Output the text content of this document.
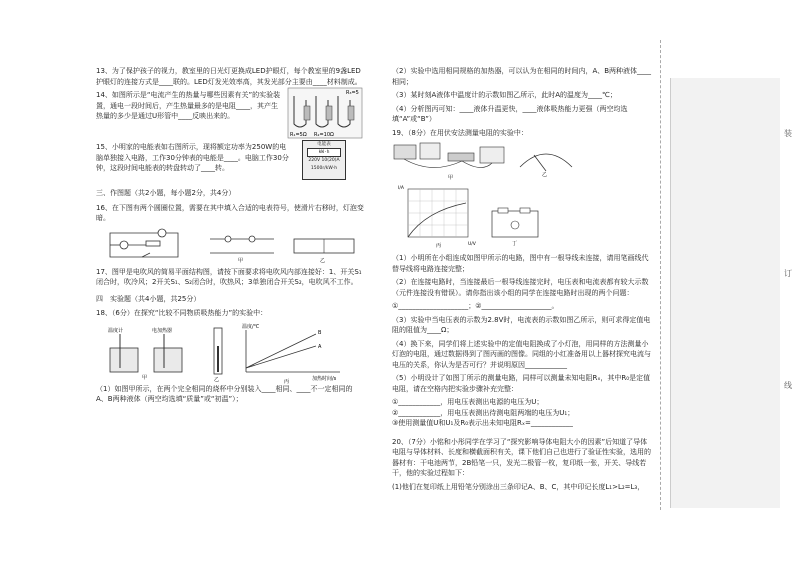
13、为了保护孩子的视力，教室里的日光灯更换成LED护眼灯，每个教室里的9盏LED护眼灯的连接方式是____联的。LED灯发光效率高，其发光部分主要由____材料制成。

14、如图所示是“电流产生的热量与哪些因素有关”的实验装置，通电一段时间后，产生热量最多的是电阻____，其产生热量的多少是通过U形管中____反映出来的。

R₁=5Ω R₂=10Ω
R₃=5

15、小明家的电能表如右图所示，现将额定功率为250W的电脑单独接入电路，工作30分钟表的电能是____。电脑工作30分钟，这段时间电能表的转盘转动了____转。

电能表
kW·h
220V 10(20)A
1500r/kW·h

三、作图题（共2小题，每小题2分，共4分）

16、在下图有两个圆圈位置，需要在其中填入合适的电表符号，使滑片右移时，灯泡变暗。

甲	乙

17、图甲是电吹风的简易平面结构图，请按下面要求将电吹风内部连接好：1、开关S₁闭合时，吹冷风；2开关S₁、S₂闭合时，吹热风；3单独闭合开关S₂，电吹风不工作。

四　实验题（共4小题，共25分）

18、（6分）在探究“比较不同物质吸热能力”的实验中：

温度计	电加热器
甲	乙
温度/℃
B
A
加热时间/s
丙

（1）如图甲所示，在两个完全相同的烧杯中分别装入____相同、____不一定相同的A、B两种液体（两空均选填“质量”或“初温”）；

（2）实验中选用相同规格的加热器，可以认为在相同的时间内，A、B两种液体____相同；

（3）某时刻A液体中温度计的示数如图乙所示，此时A的温度为____℃；

（4）分析图丙可知：____液体升温更快，____液体吸热能力更强（两空均选填“A”或“B”）

19、（8分）在用伏安法测量电阻的实验中：

甲	乙
I/A
U/V
丙	丁

（1）小明所在小组连成如图甲所示的电路，图中有一根导线未连接，请用笔画线代替导线将电路连接完整；

（2）在连接电路时，当连接最后一根导线连接完时，电压表和电流表都有较大示数（元件连接没有错误）。请你指出该小组的同学在连接电路时出现的两个问题：

①____________________；②____________________。

（3）实验中当电压表的示数为2.8V时，电流表的示数如图乙所示，则可求得定值电阻的阻值为____Ω；

（4）换下来，同学们将上述实验中的定值电阻换成了小灯泡，用同样的方法测量小灯泡的电阻，通过数据得到了图丙画的图像。同组的小红准备用以上器材探究电流与电压的关系，你认为是否可行？并说明原因____________

（5）小明设计了如图丁所示的测量电路，同样可以测量未知电阻Rₓ，其中R₀是定值电阻，请在空格内把实验步骤补充完整：

①____________，用电压表测出电源的电压为U；

②____________，用电压表测出待测电阻两端的电压为U₁；

③使用测量值U和U₁及R₀表示出未知电阻Rₓ=____________

20、（7分）小铭和小彤同学在学习了“探究影响导体电阻大小的因素”后知道了导体电阻与导体材料、长度和横截面积有关，课下他们自己也进行了验证性实验，选用的器材有：干电池两节，2B铅笔一只，发光二极管一枚，复印纸一张，开关、导线若干，他的实验过程如下：

(1)他们在复印纸上用铅笔分别涂出三条印记A、B、C，其中印记长度L₁>L₂=L₃，

装
订
线
